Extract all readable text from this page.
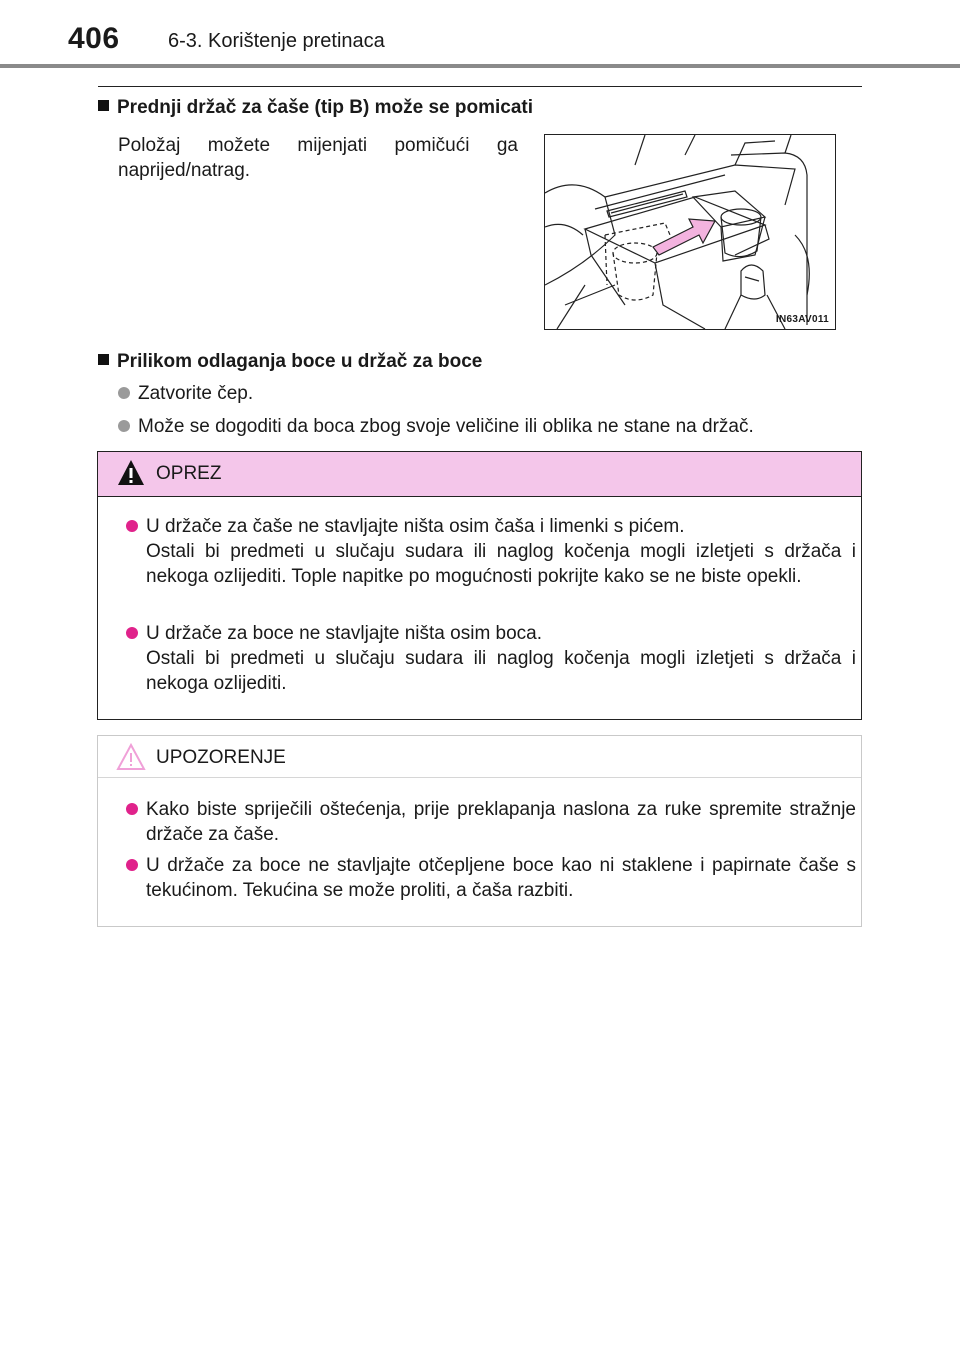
406 6-3. Korištenje pretinaca
Prednji držač za čaše (tip B) može se pomicati
Položaj možete mijenjati pomičući ga naprijed/natrag.
IN63AV011
Prilikom odlaganja boce u držač za boce
Zatvorite čep.
Može se dogoditi da boca zbog svoje veličine ili oblika ne stane na držač.
OPREZ
U držače za čaše ne stavljajte ništa osim čaša i limenki s pićem.
Ostali bi predmeti u slučaju sudara ili naglog kočenja mogli izletjeti s držača i nekoga ozlijediti. Tople napitke po mogućnosti pokrijte kako se ne biste opekli.
U držače za boce ne stavljajte ništa osim boca.
Ostali bi predmeti u slučaju sudara ili naglog kočenja mogli izletjeti s držača i nekoga ozlijediti.
UPOZORENJE
Kako biste spriječili oštećenja, prije preklapanja naslona za ruke spremite stražnje držače za čaše.
U držače za boce ne stavljajte otčepljene boce kao ni staklene i papirnate čaše s tekućinom. Tekućina se može proliti, a čaša razbiti.
